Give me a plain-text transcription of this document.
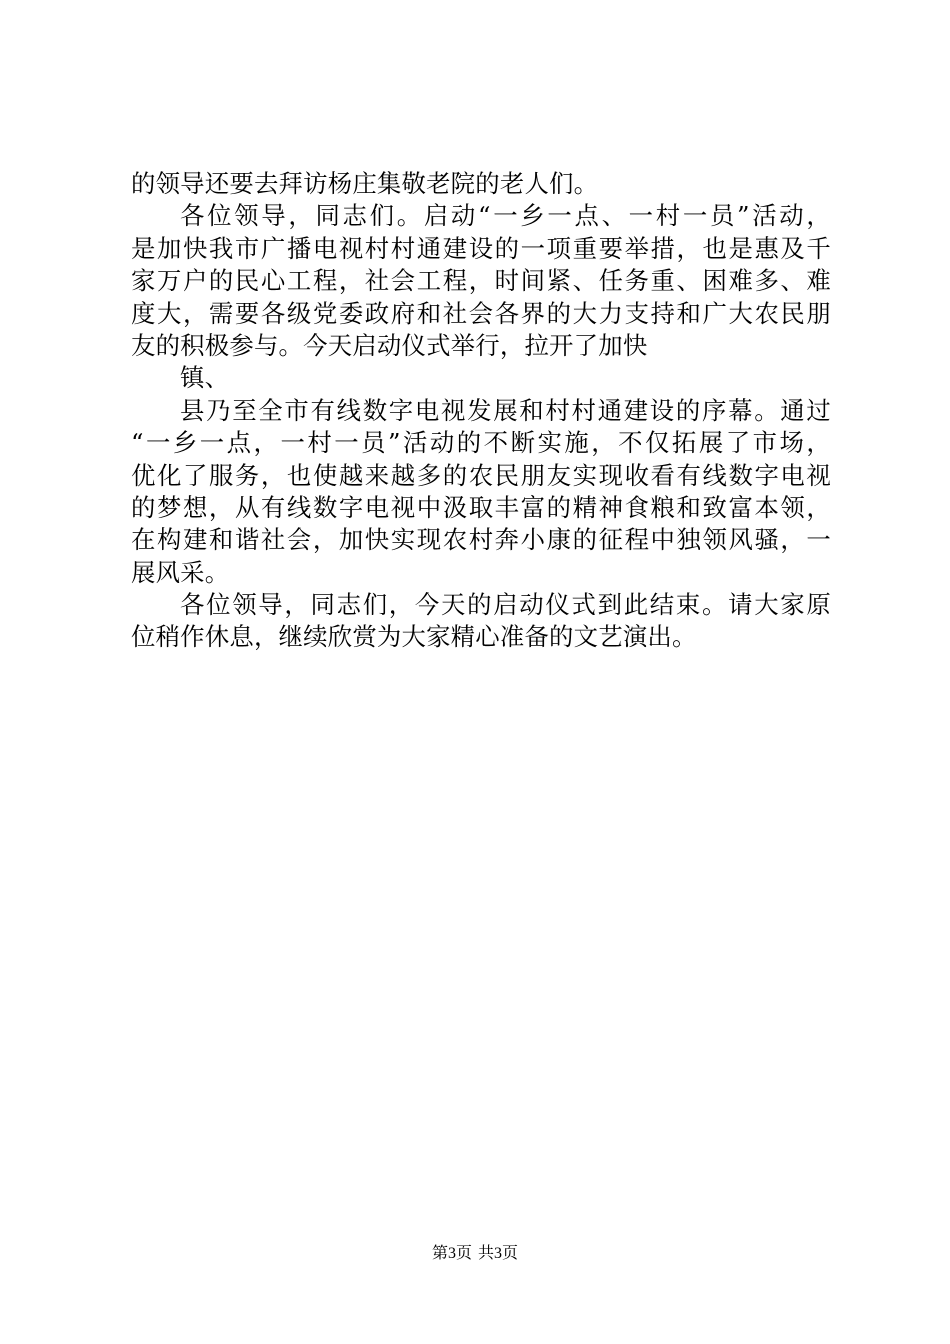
的领导还要去拜访杨庄集敬老院的老人们。
各位领导，同志们。启动“一乡一点、一村一员”活动，
是加快我市广播电视村村通建设的一项重要举措，也是惠及千
家万户的民心工程，社会工程，时间紧、任务重、困难多、难
度大，需要各级党委政府和社会各界的大力支持和广大农民朋
友的积极参与。今天启动仪式举行，拉开了加快
镇、
县乃至全市有线数字电视发展和村村通建设的序幕。通过
“一乡一点，一村一员”活动的不断实施，不仅拓展了市场，
优化了服务，也使越来越多的农民朋友实现收看有线数字电视
的梦想，从有线数字电视中汲取丰富的精神食粮和致富本领，
在构建和谐社会，加快实现农村奔小康的征程中独领风骚，一
展风采。
各位领导，同志们，今天的启动仪式到此结束。请大家原
位稍作休息，继续欣赏为大家精心准备的文艺演出。
第3页 共3页
